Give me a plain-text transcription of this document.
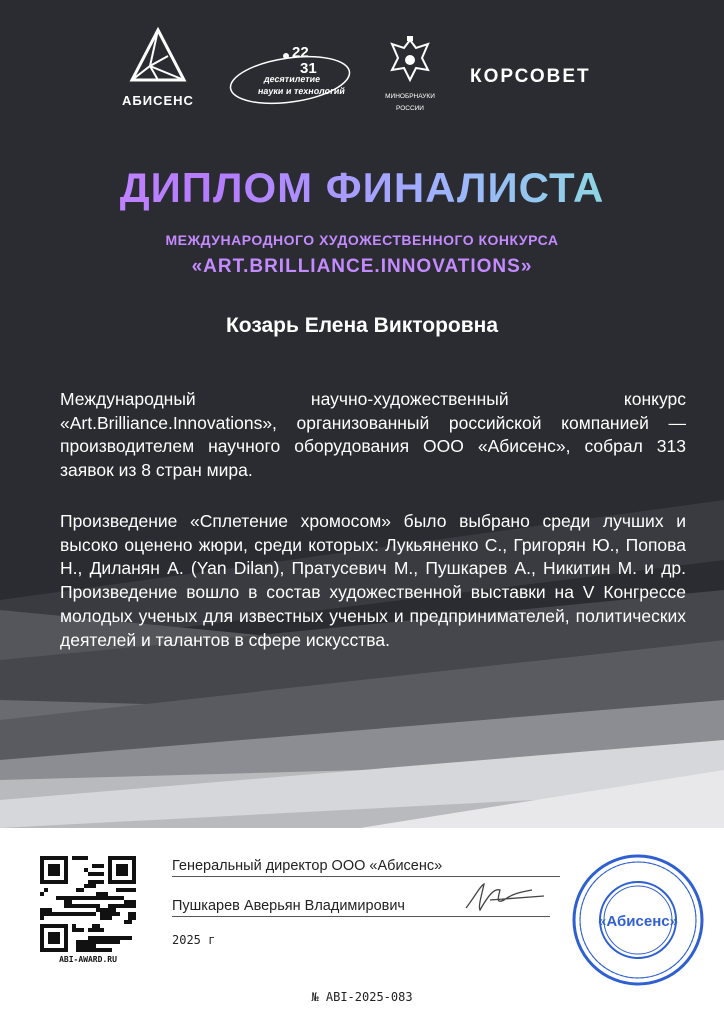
АБИСЕНС
22
31
десятилетие
науки и технологий
МИНОБРНАУКИ
РОССИИ
КОРСОВЕТ
ДИПЛОМ ФИНАЛИСТА
МЕЖДУНАРОДНОГО ХУДОЖЕСТВЕННОГО КОНКУРСА
«ART.BRILLIANCE.INNOVATIONS»
Козарь Елена Викторовна
Международный научно-художественный конкурс «Art.Brilliance.Innovations», организованный российской компанией — производителем научного оборудования ООО «Абисенс», собрал 313 заявок из 8 стран мира.
Произведение «Сплетение хромосом» было выбрано среди лучших и высоко оценено жюри, среди которых: Лукьяненко С., Григорян Ю., Попова Н., Диланян А. (Yan Dilan), Пратусевич М., Пушкарев А., Никитин М. и др. Произведение вошло в состав художественной выставки на V Конгрессе молодых ученых для известных ученых и предпринимателей, политических деятелей и талантов в сфере искусства.
ABI-AWARD.RU
Генеральный директор ООО «Абисенс»
Пушкарев Аверьян Владимирович
2025 г
«Абисенс»
№ ABI-2025-083
